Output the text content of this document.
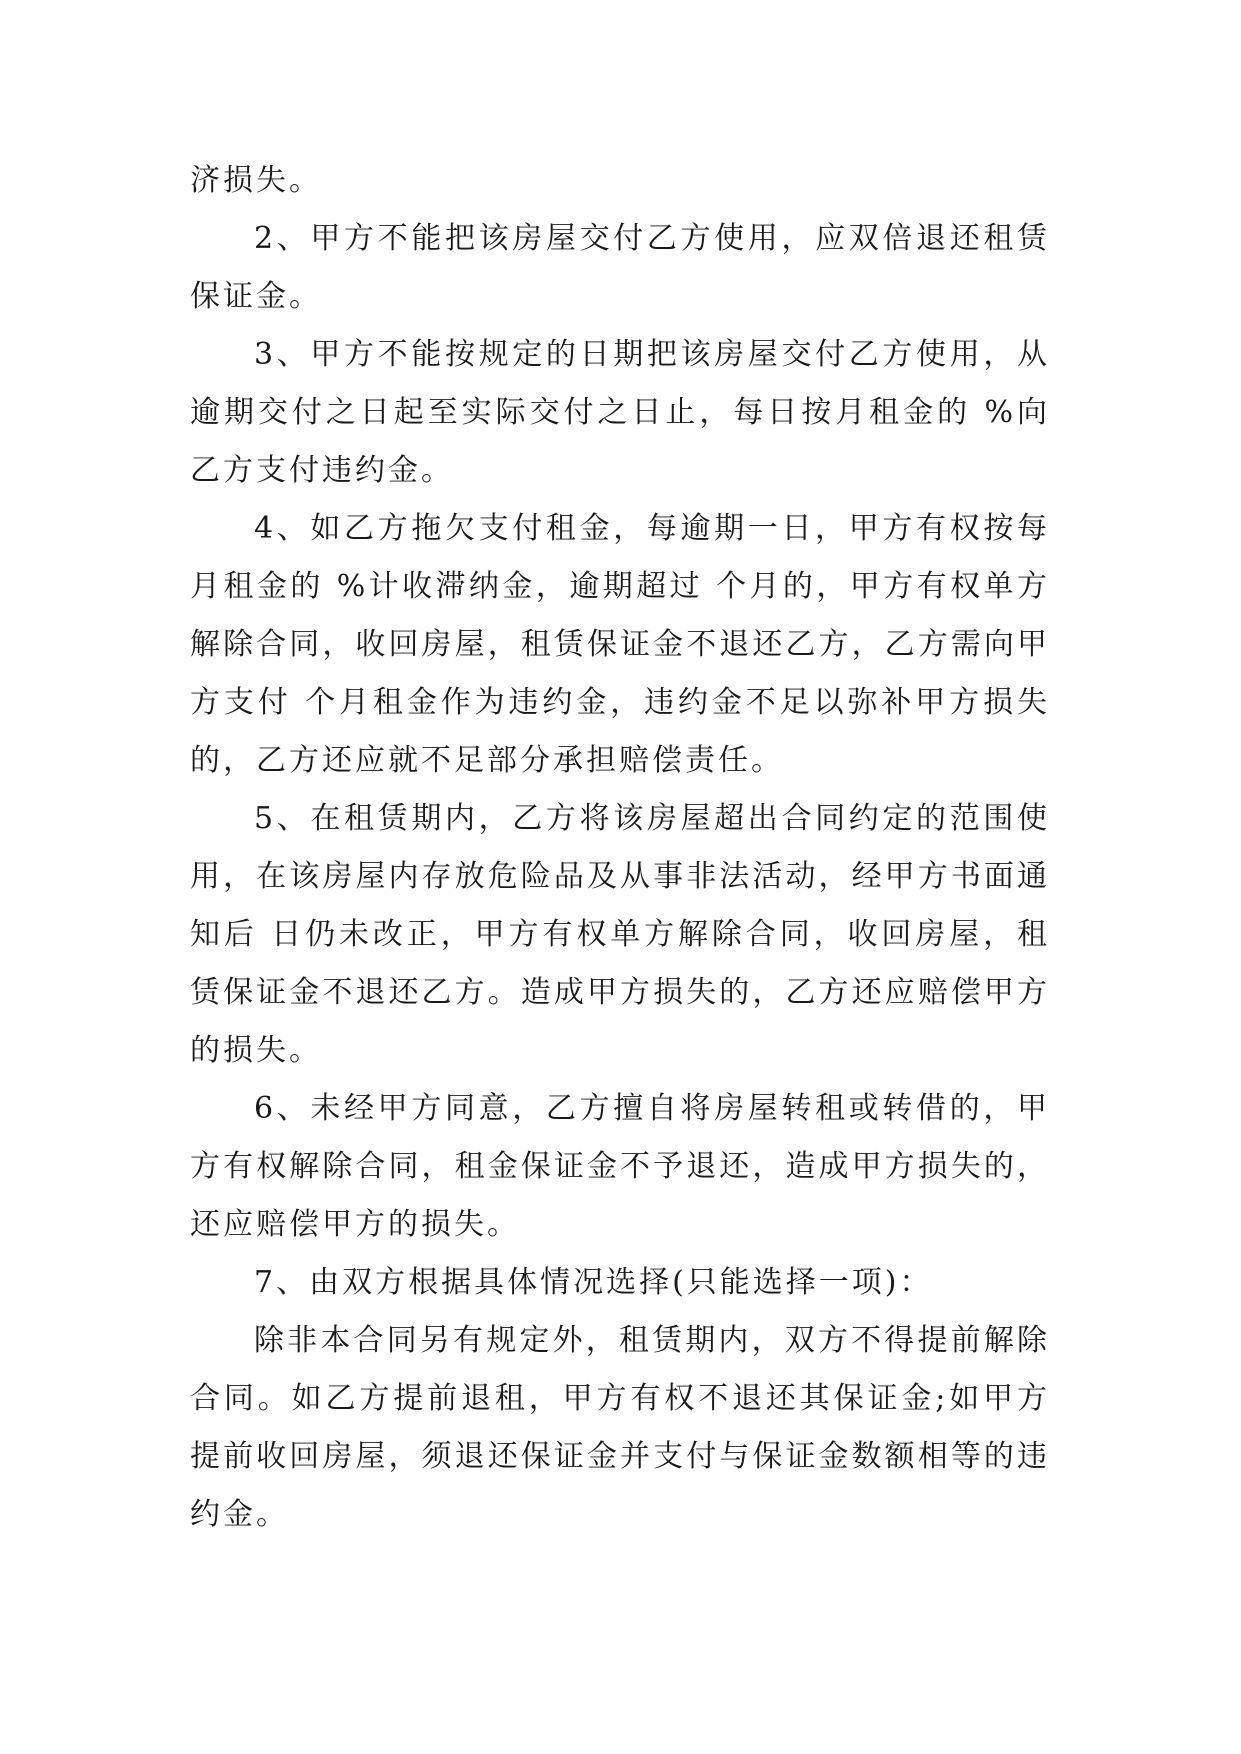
济损失。

2、甲方不能把该房屋交付乙方使用，应双倍退还租赁保证金。

3、甲方不能按规定的日期把该房屋交付乙方使用，从逾期交付之日起至实际交付之日止，每日按月租金的 %向乙方支付违约金。

4、如乙方拖欠支付租金，每逾期一日，甲方有权按每月租金的 %计收滞纳金，逾期超过 个月的，甲方有权单方解除合同，收回房屋，租赁保证金不退还乙方，乙方需向甲方支付 个月租金作为违约金，违约金不足以弥补甲方损失的，乙方还应就不足部分承担赔偿责任。

5、在租赁期内，乙方将该房屋超出合同约定的范围使用，在该房屋内存放危险品及从事非法活动，经甲方书面通知后 日仍未改正，甲方有权单方解除合同，收回房屋，租赁保证金不退还乙方。造成甲方损失的，乙方还应赔偿甲方的损失。

6、未经甲方同意，乙方擅自将房屋转租或转借的，甲方有权解除合同，租金保证金不予退还，造成甲方损失的，还应赔偿甲方的损失。

7、由双方根据具体情况选择(只能选择一项)：

除非本合同另有规定外，租赁期内，双方不得提前解除合同。如乙方提前退租，甲方有权不退还其保证金;如甲方提前收回房屋，须退还保证金并支付与保证金数额相等的违约金。
